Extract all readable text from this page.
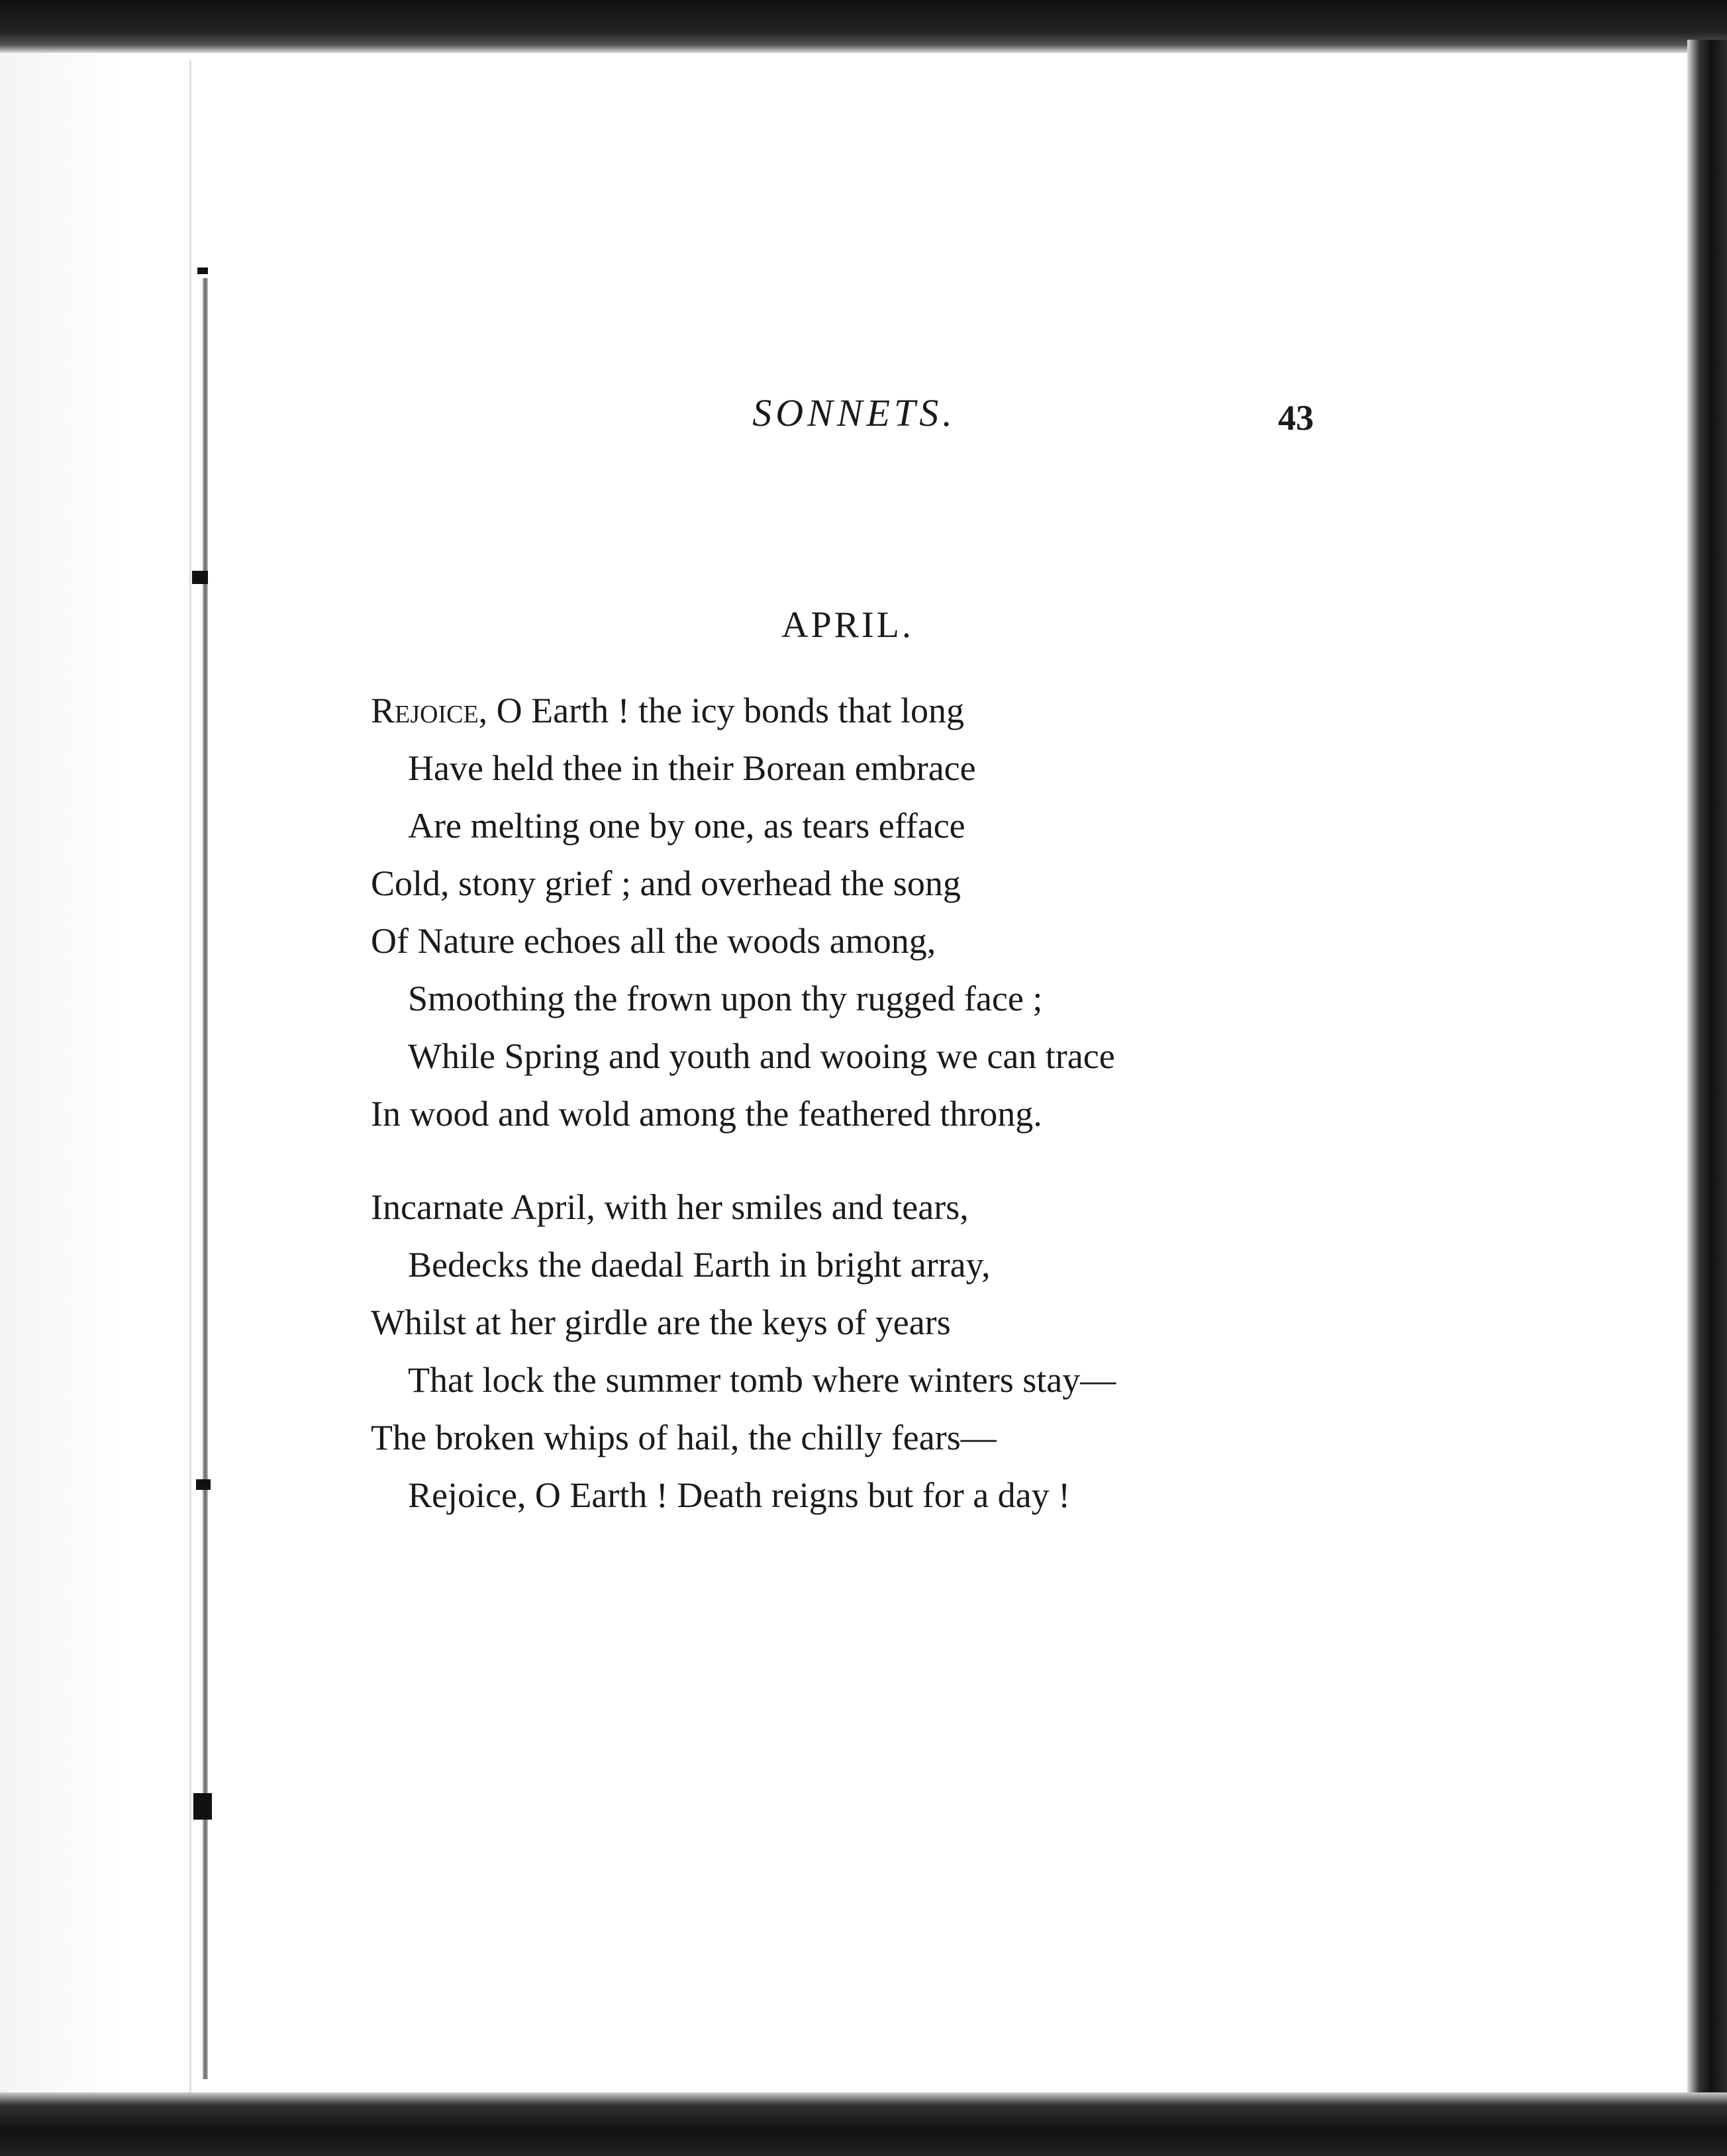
SONNETS.	43
APRIL.
Rejoice, O Earth ! the icy bonds that long
Have held thee in their Borean embrace
Are melting one by one, as tears efface
Cold, stony grief ; and overhead the song
Of Nature echoes all the woods among,
Smoothing the frown upon thy rugged face ;
While Spring and youth and wooing we can trace
In wood and wold among the feathered throng.
Incarnate April, with her smiles and tears,
Bedecks the daedal Earth in bright array,
Whilst at her girdle are the keys of years
That lock the summer tomb where winters stay—
The broken whips of hail, the chilly fears—
Rejoice, O Earth ! Death reigns but for a day !
